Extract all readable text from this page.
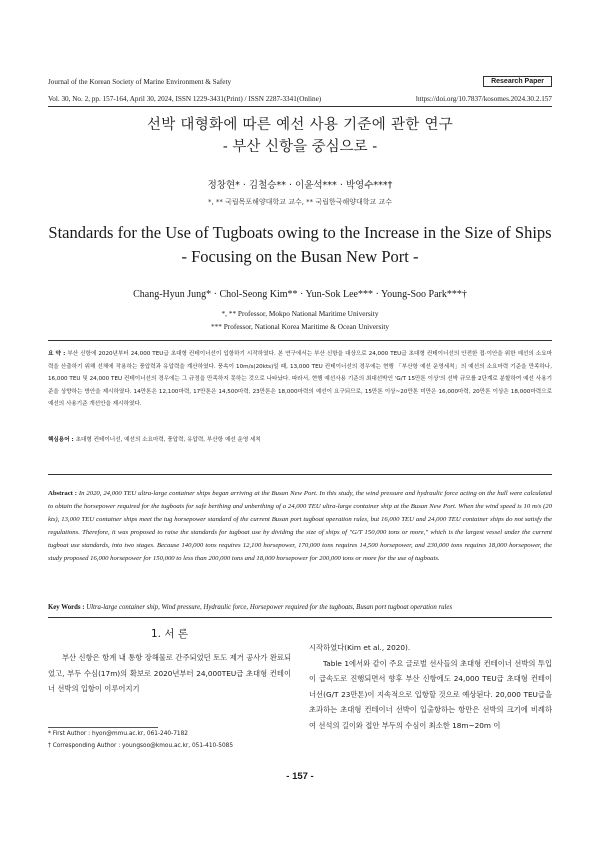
Journal of the Korean Society of Marine Environment & Safety	Research Paper
Vol. 30, No. 2, pp. 157-164, April 30, 2024, ISSN 1229-3431(Print) / ISSN 2287-3341(Online)	https://doi.org/10.7837/kosomes.2024.30.2.157
선박 대형화에 따른 예선 사용 기준에 관한 연구
- 부산 신항을 중심으로 -
정창현* · 김철승** · 이윤석*** · 박영수***†
*, ** 국립목포해양대학교 교수, ** 국립한국해양대학교 교수
Standards for the Use of Tugboats owing to the Increase in the Size of Ships
- Focusing on the Busan New Port -
Chang-Hyun Jung* · Chol-Seong Kim** · Yun-Sok Lee*** · Young-Soo Park***†
*, ** Professor, Mokpo National Maritime University
*** Professor, National Korea Maritime & Ocean University
요 약 : 부산 신항에 2020년부터 24,000 TEU급 초대형 컨테이너선이 입항하기 시작하였다. 본 연구에서는 부산 신항을 대상으로 24,000 TEU급 초대형 컨테이너선의 안전한 접·이안을 위한 예선의 소요마력을 산출하기 위해 선체에 작용하는 풍압력과 유압력을 계산하였다. 풍속이 10m/s(20kts)일 때, 13,000 TEU 컨테이너선의 경우에는 현행 「부산항 예선 운영세칙」의 예선의 소요마력 기준을 만족하나, 16,000 TEU 및 24,000 TEU 컨테이너선의 경우에는 그 규정을 만족하지 못하는 것으로 나타났다. 따라서, 현행 예선사용 기준의 최대선박인 'G/T 15만톤 이상'의 선박 규모를 2단계로 분할하여 예선 사용기준을 상향하는 방안을 제시하였다. 14만톤은 12,100마력, 17만톤은 14,500마력, 23만톤은 18,000마력의 예선이 요구되므로, 15만톤 이상~20만톤 미만은 16,000마력, 20만톤 이상은 18,000마력으로 예선의 사용기준 개선안을 제시하였다.
핵심용어 : 초대형 컨테이너선, 예선의 소요마력, 풍압력, 유압력, 부산항 예선 운영 세칙
Abstract : In 2020, 24,000 TEU ultra-large container ships began arriving at the Busan New Port. In this study, the wind pressure and hydraulic force acting on the hull were calculated to obtain the horsepower required for the tugboats for safe berthing and unberthing of a 24,000 TEU ultra-large container ship at the Busan New Port. When the wind speed is 10 m/s (20 kts), 13,000 TEU container ships meet the tug horsepower standard of the current Busan port tugboat operation rules, but 16,000 TEU and 24,000 TEU container ships do not satisfy the regulations. Therefore, it was proposed to raise the standards for tugboat use by dividing the size of ships of "G/T 150,000 tons or more," which is the largest vessel under the current tugboat use standards, into two stages. Because 140,000 tons requires 12,100 horsepower, 170,000 tons requires 14,500 horsepower, and 230,000 tons requires 18,000 horsepower, the study proposed 16,000 horsepower for 150,000 to less than 200,000 tons and 18,000 horsepower for 200,000 tons or more for the use of tugboats.
Key Words : Ultra-large container ship, Wind pressure, Hydraulic force, Horsepower required for the tugboats, Busan port tugboat operation rules
1. 서 론
부산 신항은 항계 내 통항 장해물로 간주되었던 토도 제거 공사가 완료되었고, 부두 수심(17m)의 확보로 2020년부터 24,000TEU급 초대형 컨테이너 선박의 입항이 이루어지기
시작하였다(Kim et al., 2020).
Table 1에서와 같이 주요 글로벌 선사들의 초대형 컨테이너 선박의 투입이 급속도로 진행되면서 향후 부산 신항에도 24,000 TEU급 초대형 컨테이너선(G/T 23만톤)이 지속적으로 입항할 것으로 예상된다. 20,000 TEU급을 초과하는 초대형 컨테이너 선박이 입출항하는 항만은 선박의 크기에 비례하여 선석의 길이와 접안 부두의 수심이 최소한 18m~20m 이
* First Author : hyon@mmu.ac.kr, 061-240-7182
† Corresponding Author : youngsoo@kmou.ac.kr, 051-410-5085
- 157 -
